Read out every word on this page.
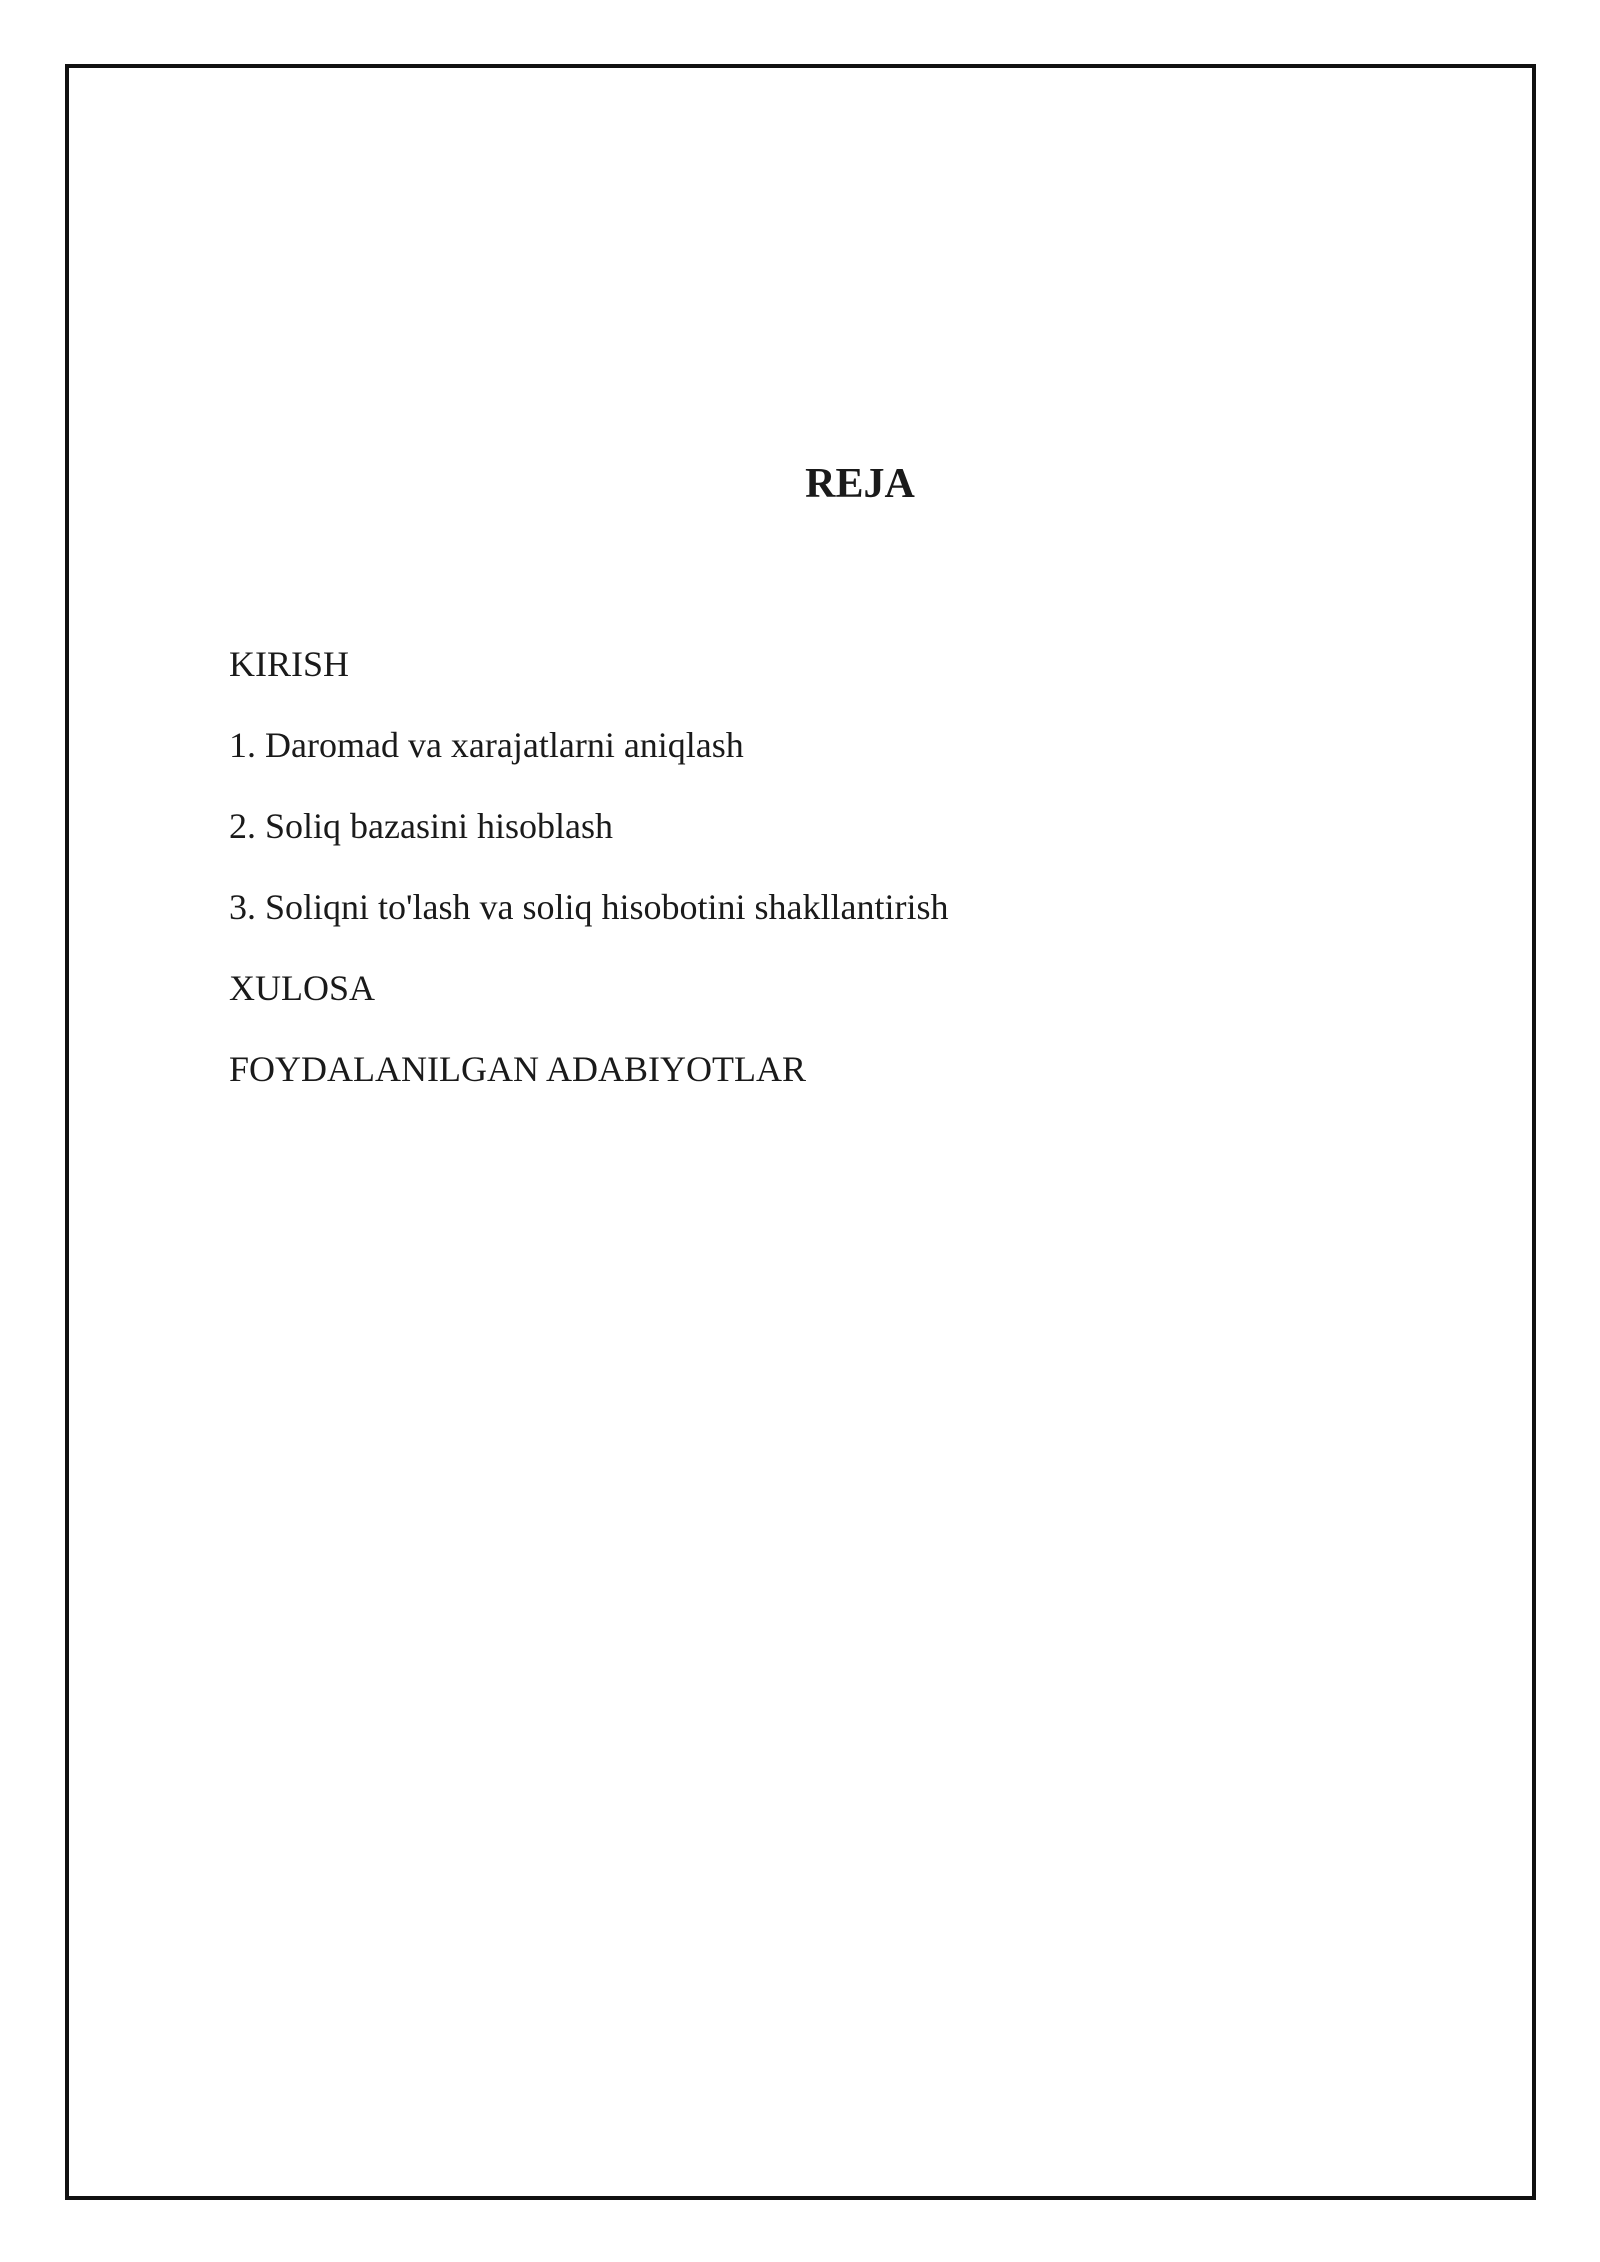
REJA
KIRISH
1. Daromad va xarajatlarni aniqlash
2. Soliq bazasini hisoblash
3. Soliqni to'lash va soliq hisobotini shakllantirish
XULOSA
FOYDALANILGAN ADABIYOTLAR
